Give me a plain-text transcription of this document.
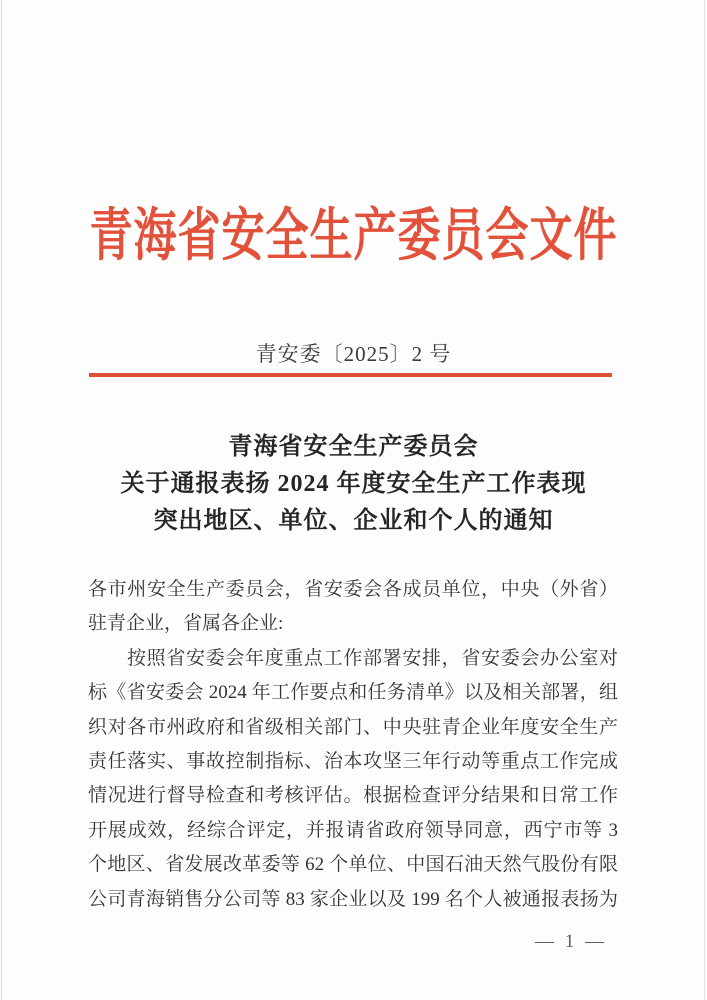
青海省安全生产委员会文件
青安委〔2025〕2 号
青海省安全生产委员会
关于通报表扬 2024 年度安全生产工作表现
突出地区、单位、企业和个人的通知
各市州安全生产委员会，省安委会各成员单位，中央（外省）
驻青企业，省属各企业:
按照省安委会年度重点工作部署安排，省安委会办公室对
标《省安委会 2024 年工作要点和任务清单》以及相关部署，组
织对各市州政府和省级相关部门、中央驻青企业年度安全生产
责任落实、事故控制指标、治本攻坚三年行动等重点工作完成
情况进行督导检查和考核评估。根据检查评分结果和日常工作
开展成效，经综合评定，并报请省政府领导同意，西宁市等 3
个地区、省发展改革委等 62 个单位、中国石油天然气股份有限
公司青海销售分公司等 83 家企业以及 199 名个人被通报表扬为
— 1 —
